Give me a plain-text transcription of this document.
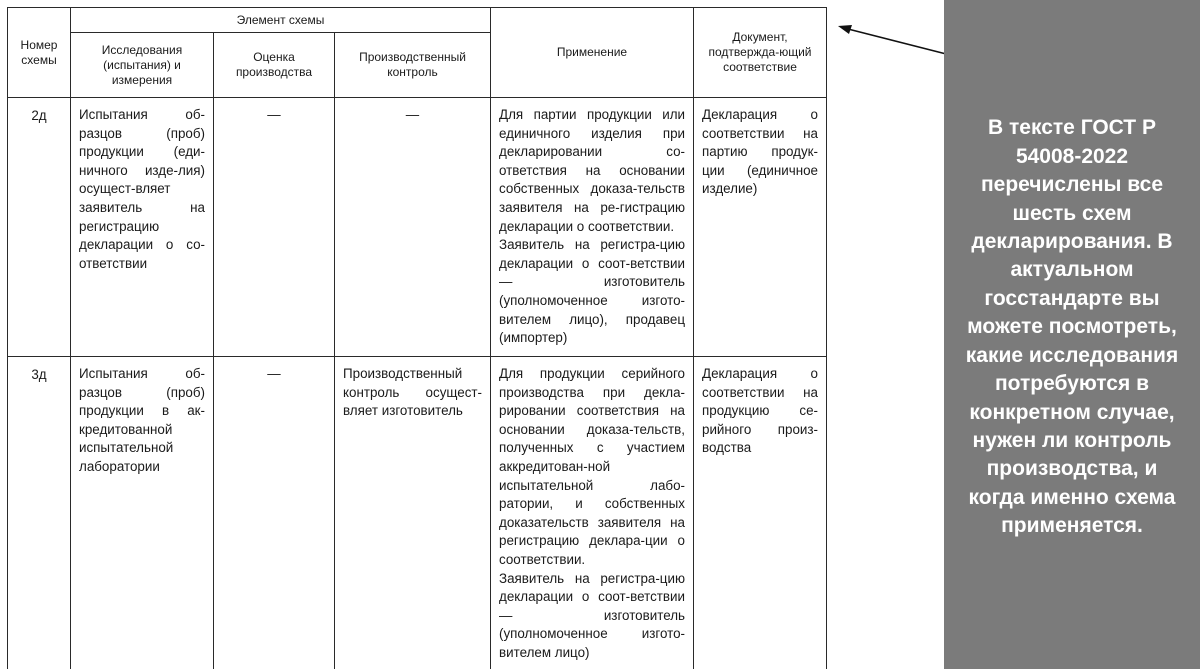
Номер схемы	Элемент схемы			Применение	Документ, подтвержда-ющий соответствие
	Исследования (испытания) и измерения	Оценка производства	Производственный контроль		
2д	Испытания об-разцов (проб) продукции (еди-ничного изде-лия) осущест-вляет заявитель на регистрацию декларации о со-ответствии	—	—	Для партии продукции или единичного изделия при декларировании со-ответствия на основании собственных доказа-тельств заявителя на ре-гистрацию декларации о соответствии.

Заявитель на регистра-цию декларации о соот-ветствии — изготовитель (уполномоченное изгото-вителем лицо), продавец (импортер)	Декларация о соответствии на партию продук-ции (единичное изделие)
3д	Испытания об-разцов (проб) продукции в ак-кредитованной испытательной лаборатории	—	Производственный контроль осущест-вляет изготовитель	Для продукции серийного производства при декла-рировании соответствия на основании доказа-тельств, полученных с участием аккредитован-ной испытательной лабо-ратории, и собственных доказательств заявителя на регистрацию деклара-ции о соответствии.

Заявитель на регистра-цию декларации о соот-ветствии — изготовитель (уполномоченное изгото-вителем лицо)	Декларация о соответствии на продукцию се-рийного произ-водства
В тексте ГОСТ Р 54008-2022 перечислены все шесть схем декларирования. В актуальном госстандарте вы можете посмотреть, какие исследования потребуются в конкретном случае, нужен ли контроль производства, и когда именно схема применяется.
